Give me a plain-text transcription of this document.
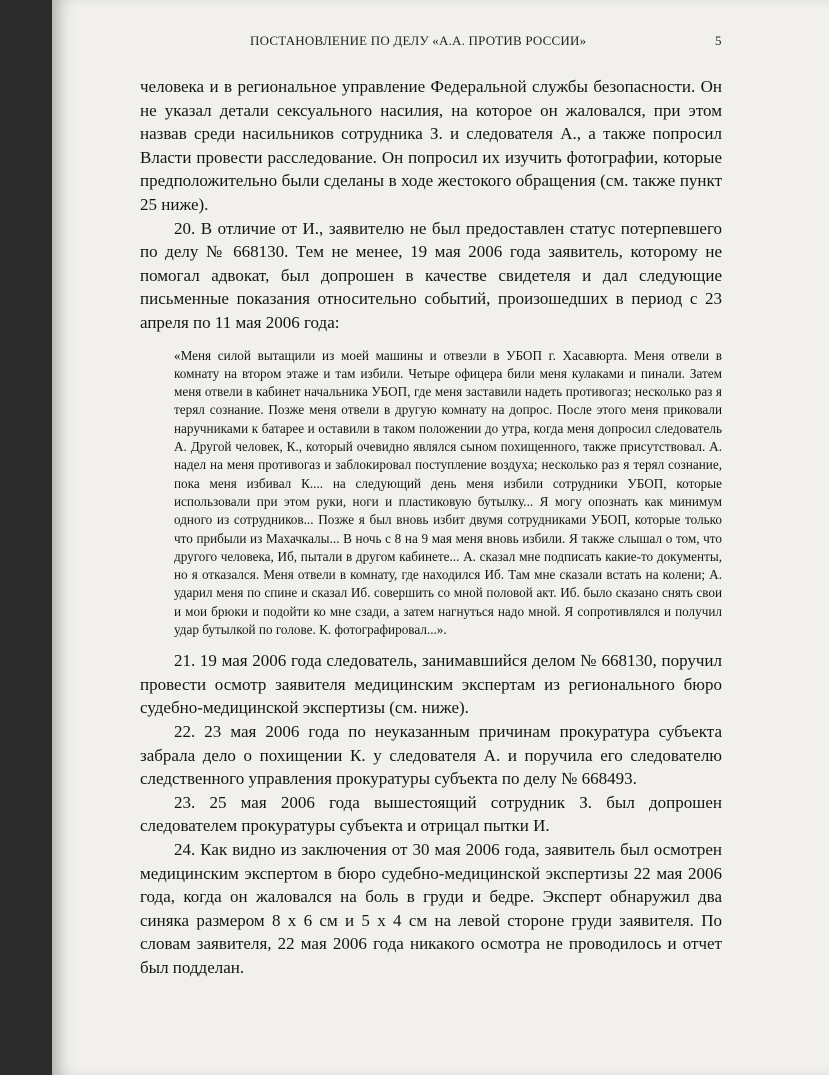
ПОСТАНОВЛЕНИЕ ПО ДЕЛУ «А.А. ПРОТИВ РОССИИ»	5

человека и в региональное управление Федеральной службы безопасности. Он не указал детали сексуального насилия, на которое он жаловался, при этом назвав среди насильников сотрудника З. и следователя А., а также попросил Власти провести расследование. Он попросил их изучить фотографии, которые предположительно были сделаны в ходе жестокого обращения (см. также пункт 25 ниже).

20. В отличие от И., заявителю не был предоставлен статус потерпевшего по делу № 668130. Тем не менее, 19 мая 2006 года заявитель, которому не помогал адвокат, был допрошен в качестве свидетеля и дал следующие письменные показания относительно событий, произошедших в период с 23 апреля по 11 мая 2006 года:

«Меня силой вытащили из моей машины и отвезли в УБОП г. Хасавюрта. Меня отвели в комнату на втором этаже и там избили. Четыре офицера били меня кулаками и пинали. Затем меня отвели в кабинет начальника УБОП, где меня заставили надеть противогаз; несколько раз я терял сознание. Позже меня отвели в другую комнату на допрос. После этого меня приковали наручниками к батарее и оставили в таком положении до утра, когда меня допросил следователь А. Другой человек, К., который очевидно являлся сыном похищенного, также присутствовал. А. надел на меня противогаз и заблокировал поступление воздуха; несколько раз я терял сознание, пока меня избивал К.... на следующий день меня избили сотрудники УБОП, которые использовали при этом руки, ноги и пластиковую бутылку... Я могу опознать как минимум одного из сотрудников... Позже я был вновь избит двумя сотрудниками УБОП, которые только что прибыли из Махачкалы... В ночь с 8 на 9 мая меня вновь избили. Я также слышал о том, что другого человека, Иб, пытали в другом кабинете... А. сказал мне подписать какие-то документы, но я отказался. Меня отвели в комнату, где находился Иб. Там мне сказали встать на колени; А. ударил меня по спине и сказал Иб. совершить со мной половой акт. Иб. было сказано снять свои и мои брюки и подойти ко мне сзади, а затем нагнуться надо мной. Я сопротивлялся и получил удар бутылкой по голове. К. фотографировал...».

21. 19 мая 2006 года следователь, занимавшийся делом № 668130, поручил провести осмотр заявителя медицинским экспертам из регионального бюро судебно-медицинской экспертизы (см. ниже).

22. 23 мая 2006 года по неуказанным причинам прокуратура субъекта забрала дело о похищении К. у следователя А. и поручила его следователю следственного управления прокуратуры субъекта по делу № 668493.

23. 25 мая 2006 года вышестоящий сотрудник З. был допрошен следователем прокуратуры субъекта и отрицал пытки И.

24. Как видно из заключения от 30 мая 2006 года, заявитель был осмотрен медицинским экспертом в бюро судебно-медицинской экспертизы 22 мая 2006 года, когда он жаловался на боль в груди и бедре. Эксперт обнаружил два синяка размером 8 x 6 см и 5 x 4 см на левой стороне груди заявителя. По словам заявителя, 22 мая 2006 года никакого осмотра не проводилось и отчет был подделан.
